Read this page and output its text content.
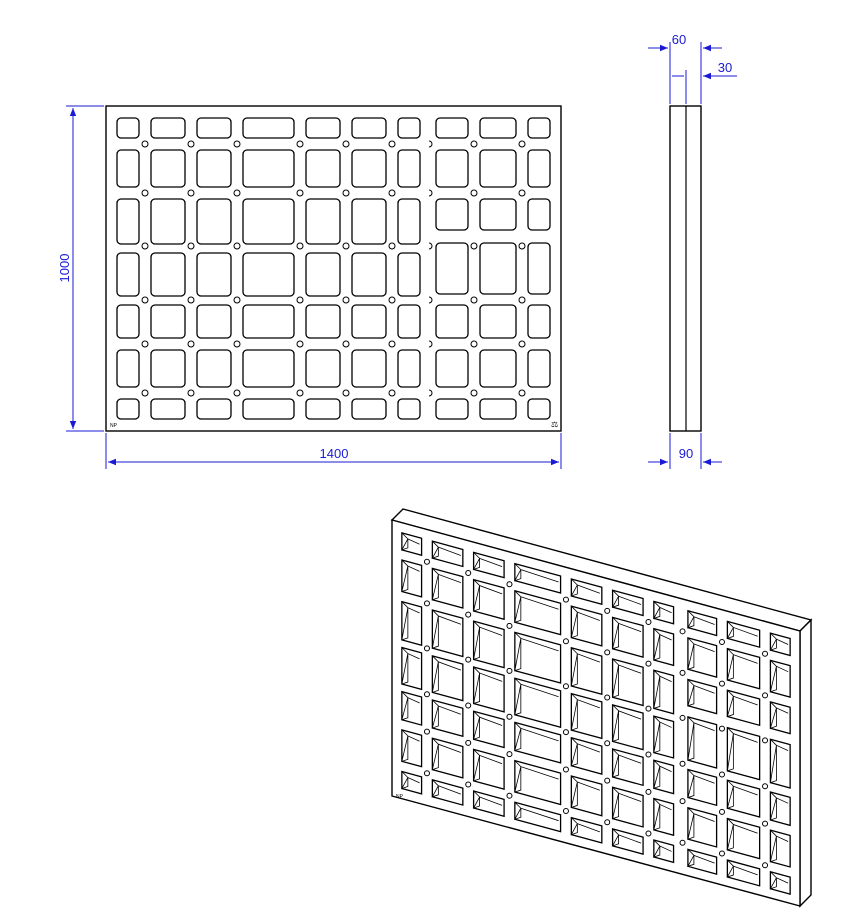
NP	⚖
1000
1400
60
30
90
NP
